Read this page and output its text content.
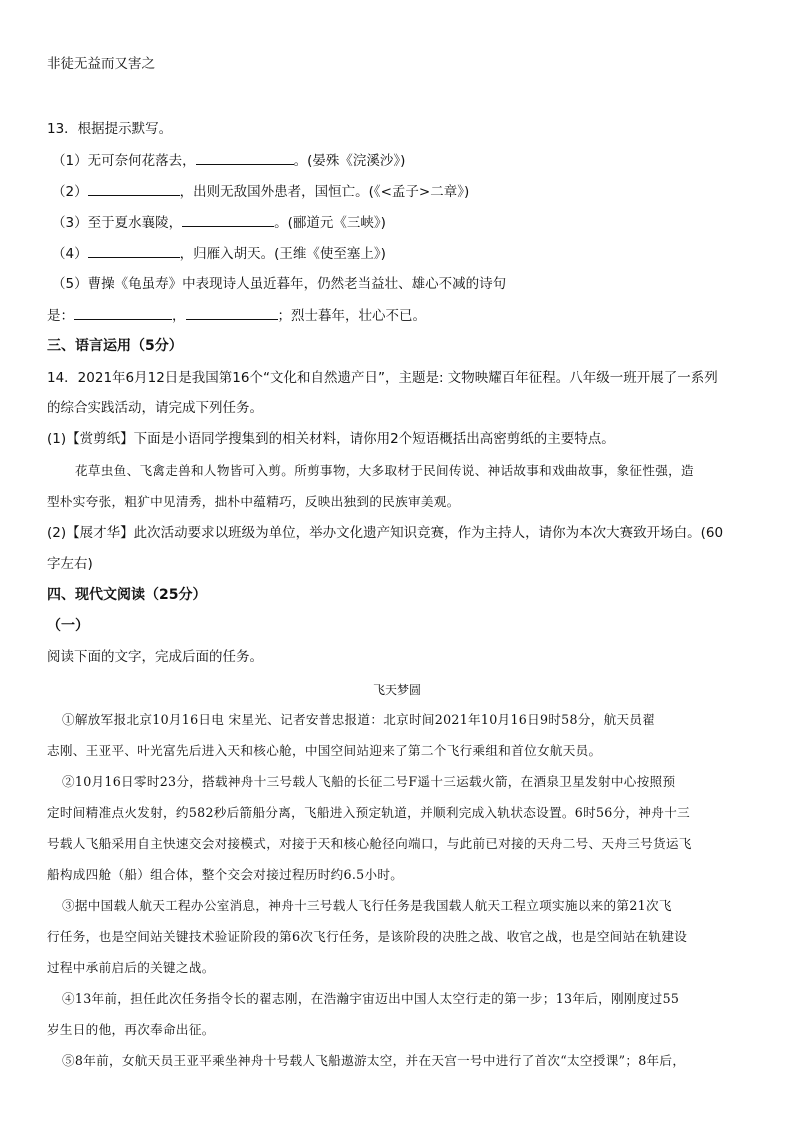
非徒无益而又害之
13．根据提示默写。
（1）无可奈何花落去，	。(晏殊《浣溪沙》)
（2）	，出则无敌国外患者，国恒亡。(《<孟子>二章》)
（3）至于夏水襄陵，	。(郦道元《三峡》)
（4）	，归雁入胡天。(王维《使至塞上》)
（5）曹操《龟虽寿》中表现诗人虽近暮年，仍然老当益壮、雄心不减的诗句
是：	，	；烈士暮年，壮心不已。
三、语言运用（5分）
14．2021年6月12日是我国第16个“文化和自然遗产日”，主题是: 文物映耀百年征程。八年级一班开展了一系列
的综合实践活动，请完成下列任务。
(1)【赏剪纸】下面是小语同学搜集到的相关材料，请你用2个短语概括出高密剪纸的主要特点。
花草虫鱼、飞禽走兽和人物皆可入剪。所剪事物，大多取材于民间传说、神话故事和戏曲故事，象征性强，造
型朴实夸张，粗犷中见清秀，拙朴中蕴精巧，反映出独到的民族审美观。
(2)【展才华】此次活动要求以班级为单位，举办文化遗产知识竞赛，作为主持人，请你为本次大赛致开场白。(60
字左右)
四、现代文阅读（25分）
（一）
阅读下面的文字，完成后面的任务。
飞天梦圆
①解放军报北京10月16日电 宋星光、记者安普忠报道：北京时间2021年10月16日9时58分，航天员翟
志刚、王亚平、叶光富先后进入天和核心舱，中国空间站迎来了第二个飞行乘组和首位女航天员。
②10月16日零时23分，搭载神舟十三号载人飞船的长征二号F遥十三运载火箭，在酒泉卫星发射中心按照预
定时间精准点火发射，约582秒后箭船分离，飞船进入预定轨道，并顺利完成入轨状态设置。6时56分，神舟十三
号载人飞船采用自主快速交会对接模式，对接于天和核心舱径向端口，与此前已对接的天舟二号、天舟三号货运飞
船构成四舱（船）组合体，整个交会对接过程历时约6.5小时。
③据中国载人航天工程办公室消息，神舟十三号载人飞行任务是我国载人航天工程立项实施以来的第21次飞
行任务，也是空间站关键技术验证阶段的第6次飞行任务，是该阶段的决胜之战、收官之战，也是空间站在轨建设
过程中承前启后的关键之战。
④13年前，担任此次任务指令长的翟志刚，在浩瀚宇宙迈出中国人太空行走的第一步；13年后，刚刚度过55
岁生日的他，再次奉命出征。
⑤8年前，女航天员王亚平乘坐神舟十号载人飞船遨游太空，并在天宫一号中进行了首次“太空授课”；8年后，
